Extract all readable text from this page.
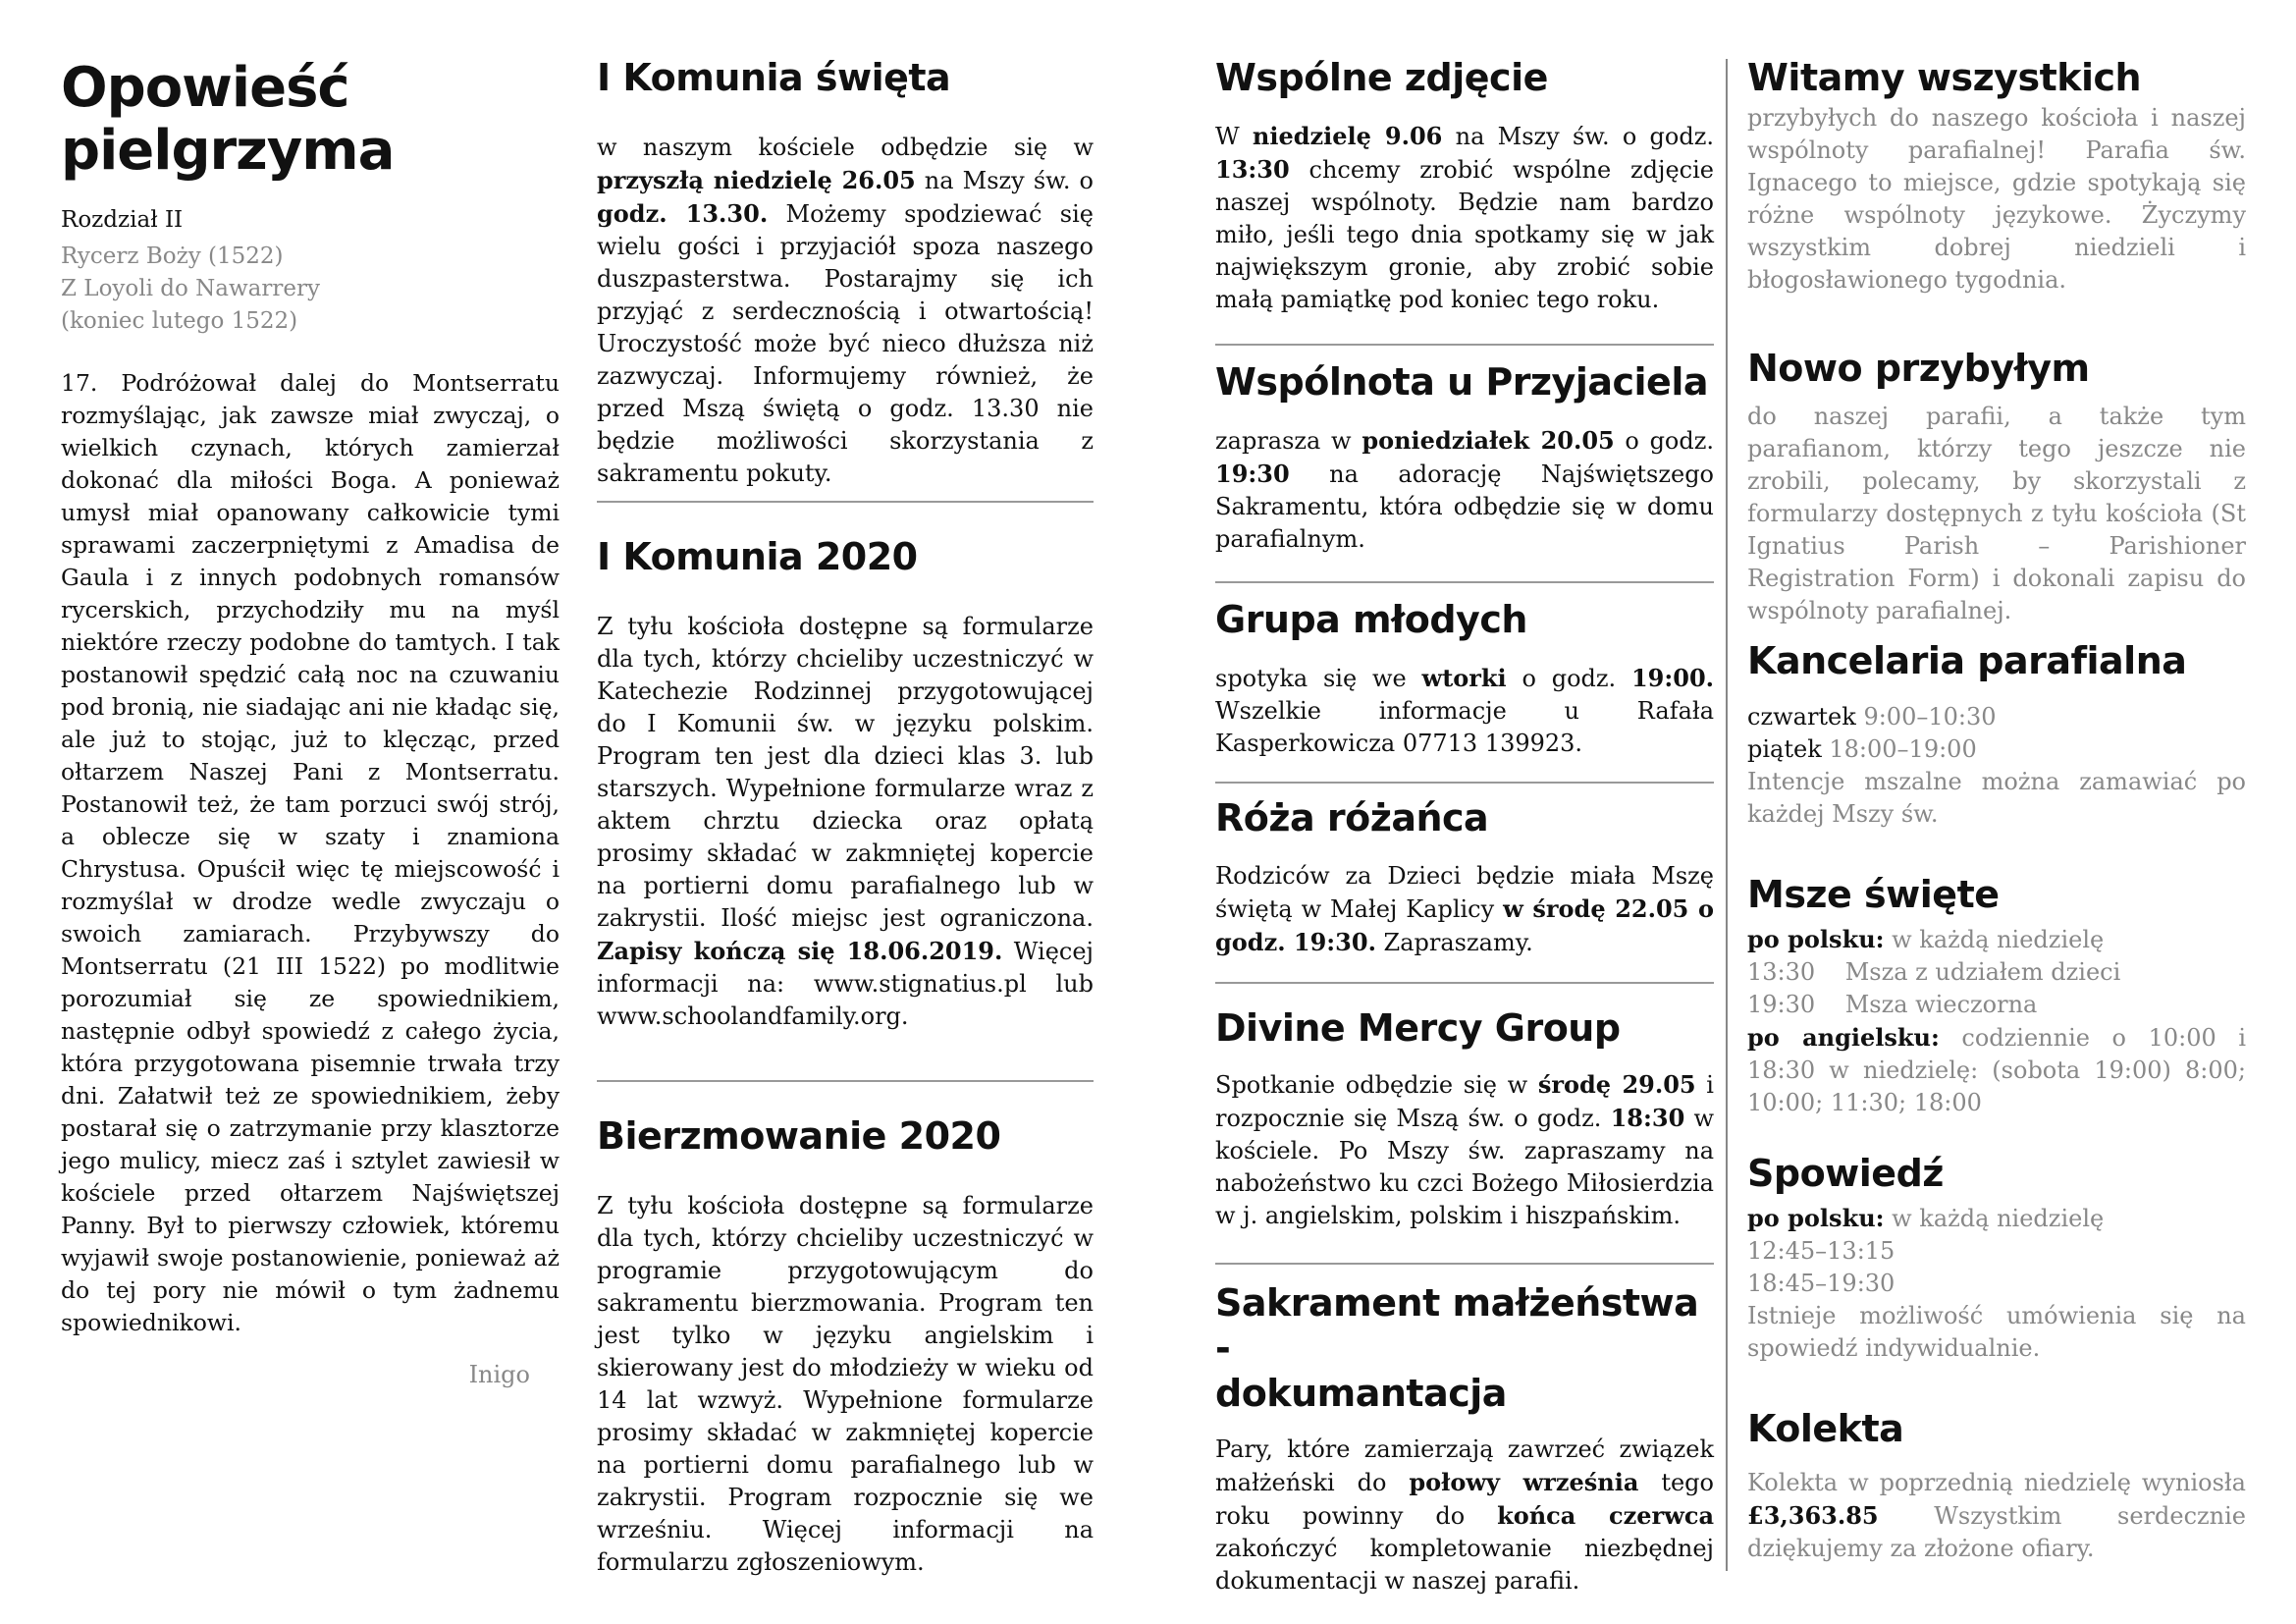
Opowieść
pielgrzyma

Rozdział II

Rycerz Boży (1522)

Z Loyoli do Nawarrery

(koniec lutego 1522)

17. Podróżował dalej do Montserratu rozmyślając, jak zawsze miał zwyczaj, o wielkich czynach, których zamierzał dokonać dla miłości Boga. A ponieważ umysł miał opanowany całkowicie tymi sprawami zaczerpniętymi z Amadisa de Gaula i z innych podobnych romansów rycerskich, przychodziły mu na myśl niektóre rzeczy podobne do tamtych. I tak postanowił spędzić całą noc na czuwaniu pod bronią, nie siadając ani nie kładąc się, ale już to stojąc, już to klęcząc, przed ołtarzem Naszej Pani z Montserratu. Postanowił też, że tam porzuci swój strój, a oblecze się w szaty i znamiona Chrystusa. Opuścił więc tę miejscowość i rozmyślał w drodze wedle zwyczaju o swoich zamiarach. Przybywszy do Montserratu (21 III 1522) po modlitwie porozumiał się ze spowiednikiem, następnie odbył spowiedź z całego życia, która przygotowana pisemnie trwała trzy dni. Załatwił też ze spowiednikiem, żeby postarał się o zatrzymanie przy klasztorze jego mulicy, miecz zaś i sztylet zawiesił w kościele przed ołtarzem Najświętszej Panny. Był to pierwszy człowiek, któremu wyjawił swoje postanowienie, ponieważ aż do tej pory nie mówił o tym żadnemu spowiednikowi.

Inigo

I Komunia święta

w naszym kościele odbędzie się w przyszłą niedzielę 26.05 na Mszy św. o godz. 13.30. Możemy spodziewać się wielu gości i przyjaciół spoza naszego duszpasterstwa. Postarajmy się ich przyjąć z serdecznością i otwartością! Uroczystość może być nieco dłuższa niż zazwyczaj. Informujemy również, że przed Mszą świętą o godz. 13.30 nie będzie możliwości skorzystania z sakramentu pokuty.

I Komunia 2020

Z tyłu kościoła dostępne są formularze dla tych, którzy chcieliby uczestniczyć w Katechezie Rodzinnej przygotowującej do I Komunii św. w języku polskim. Program ten jest dla dzieci klas 3. lub starszych. Wypełnione formularze wraz z aktem chrztu dziecka oraz opłatą prosimy składać w zakmniętej kopercie na portierni domu parafialnego lub w zakrystii. Ilość miejsc jest ograniczona. Zapisy kończą się 18.06.2019. Więcej informacji na: www.stignatius.pl lub www.schoolandfamily.org.

Bierzmowanie 2020

Z tyłu kościoła dostępne są formularze dla tych, którzy chcieliby uczestniczyć w programie przygotowującym do sakramentu bierzmowania. Program ten jest tylko w języku angielskim i skierowany jest do młodzieży w wieku od 14 lat wzwyż. Wypełnione formularze prosimy składać w zakmniętej kopercie na portierni domu parafialnego lub w zakrystii. Program rozpocznie się we wrześniu. Więcej informacji na formularzu zgłoszeniowym.

Wspólne zdjęcie

W niedzielę 9.06 na Mszy św. o godz. 13:30 chcemy zrobić wspólne zdjęcie naszej wspólnoty. Będzie nam bardzo miło, jeśli tego dnia spotkamy się w jak największym gronie, aby zrobić sobie małą pamiątkę pod koniec tego roku.

Wspólnota u Przyjaciela

zaprasza w poniedziałek 20.05 o godz. 19:30 na adorację Najświętszego Sakramentu, która odbędzie się w domu parafialnym.

Grupa młodych

spotyka się we wtorki o godz. 19:00. Wszelkie informacje u Rafała Kasperkowicza 07713 139923.

Róża różańca

Rodziców za Dzieci będzie miała Mszę świętą w Małej Kaplicy w środę 22.05 o godz. 19:30. Zapraszamy.

Divine Mercy Group

Spotkanie odbędzie się w środę 29.05 i rozpocznie się Mszą św. o godz. 18:30 w kościele. Po Mszy św. zapraszamy na nabożeństwo ku czci Bożego Miłosierdzia w j. angielskim, polskim i hiszpańskim.

Sakrament małżeństwa -
dokumantacja

Pary, które zamierzają zawrzeć związek małżeński do połowy września tego roku powinny do końca czerwca zakończyć kompletowanie niezbędnej dokumentacji w naszej parafii.

Witamy wszystkich

przybyłych do naszego kościoła i naszej wspólnoty parafialnej! Parafia św. Ignacego to miejsce, gdzie spotykają się różne wspólnoty językowe. Życzymy wszystkim dobrej niedzieli i błogosławionego tygodnia.

Nowo przybyłym

do naszej parafii, a także tym parafianom, którzy tego jeszcze nie zrobili, polecamy, by skorzystali z formularzy dostępnych z tyłu kościoła (St Ignatius Parish – Parishioner Registration Form) i dokonali zapisu do wspólnoty parafialnej.

Kancelaria parafialna

czwartek 9:00–10:30

piątek 18:00–19:00

Intencje mszalne można zamawiać po każdej Mszy św.

Msze święte

po polsku: w każdą niedzielę

13:30 Msza z udziałem dzieci

19:30 Msza wieczorna

po angielsku: codziennie o 10:00 i 18:30 w niedzielę: (sobota 19:00) 8:00; 10:00; 11:30; 18:00

Spowiedź

po polsku: w każdą niedzielę

12:45–13:15

18:45–19:30

Istnieje możliwość umówienia się na spowiedź indywidualnie.

Kolekta

Kolekta w poprzednią niedzielę wyniosła £3,363.85 Wszystkim serdecznie dziękujemy za złożone ofiary.
